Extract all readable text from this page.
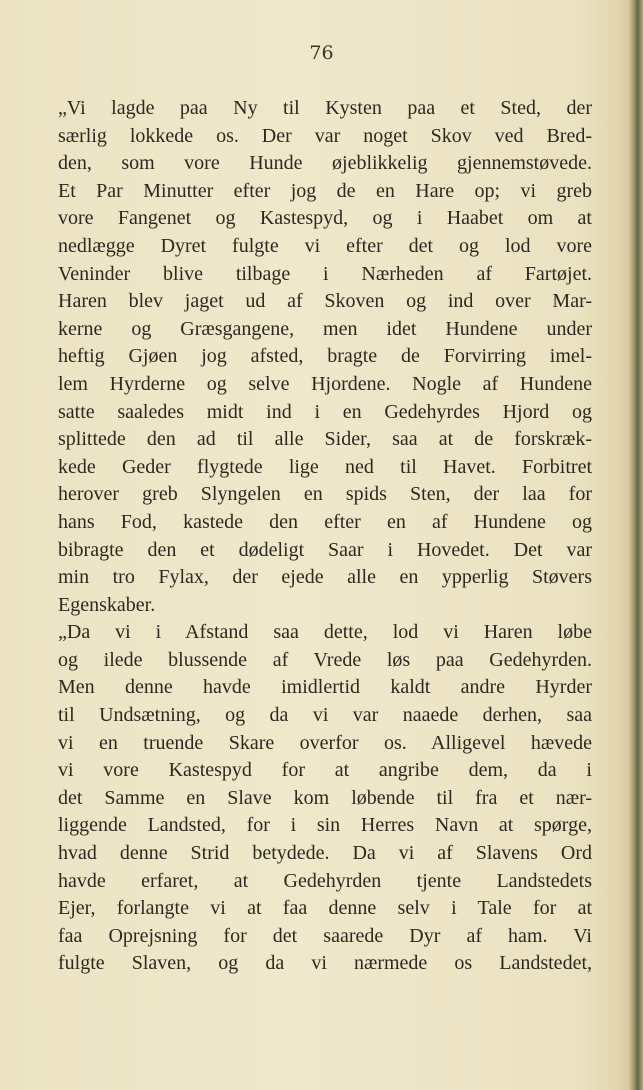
76
„Vi lagde paa Ny til Kysten paa et Sted, der
særlig lokkede os. Der var noget Skov ved Bred-
den, som vore Hunde øjeblikkelig gjennemstøvede.
Et Par Minutter efter jog de en Hare op; vi greb
vore Fangenet og Kastespyd, og i Haabet om at
nedlægge Dyret fulgte vi efter det og lod vore
Veninder blive tilbage i Nærheden af Fartøjet.
Haren blev jaget ud af Skoven og ind over Mar-
kerne og Græsgangene, men idet Hundene under
heftig Gjøen jog afsted, bragte de Forvirring imel-
lem Hyrderne og selve Hjordene. Nogle af Hundene
satte saaledes midt ind i en Gedehyrdes Hjord og
splittede den ad til alle Sider, saa at de forskræk-
kede Geder flygtede lige ned til Havet. Forbitret
herover greb Slyngelen en spids Sten, der laa for
hans Fod, kastede den efter en af Hundene og
bibragte den et dødeligt Saar i Hovedet. Det var
min tro Fylax, der ejede alle en ypperlig Støvers
Egenskaber.
„Da vi i Afstand saa dette, lod vi Haren løbe
og ilede blussende af Vrede løs paa Gedehyrden.
Men denne havde imidlertid kaldt andre Hyrder
til Undsætning, og da vi var naaede derhen, saa
vi en truende Skare overfor os. Alligevel hævede
vi vore Kastespyd for at angribe dem, da i
det Samme en Slave kom løbende til fra et nær-
liggende Landsted, for i sin Herres Navn at spørge,
hvad denne Strid betydede. Da vi af Slavens Ord
havde erfaret, at Gedehyrden tjente Landstedets
Ejer, forlangte vi at faa denne selv i Tale for at
faa Oprejsning for det saarede Dyr af ham. Vi
fulgte Slaven, og da vi nærmede os Landstedet,
